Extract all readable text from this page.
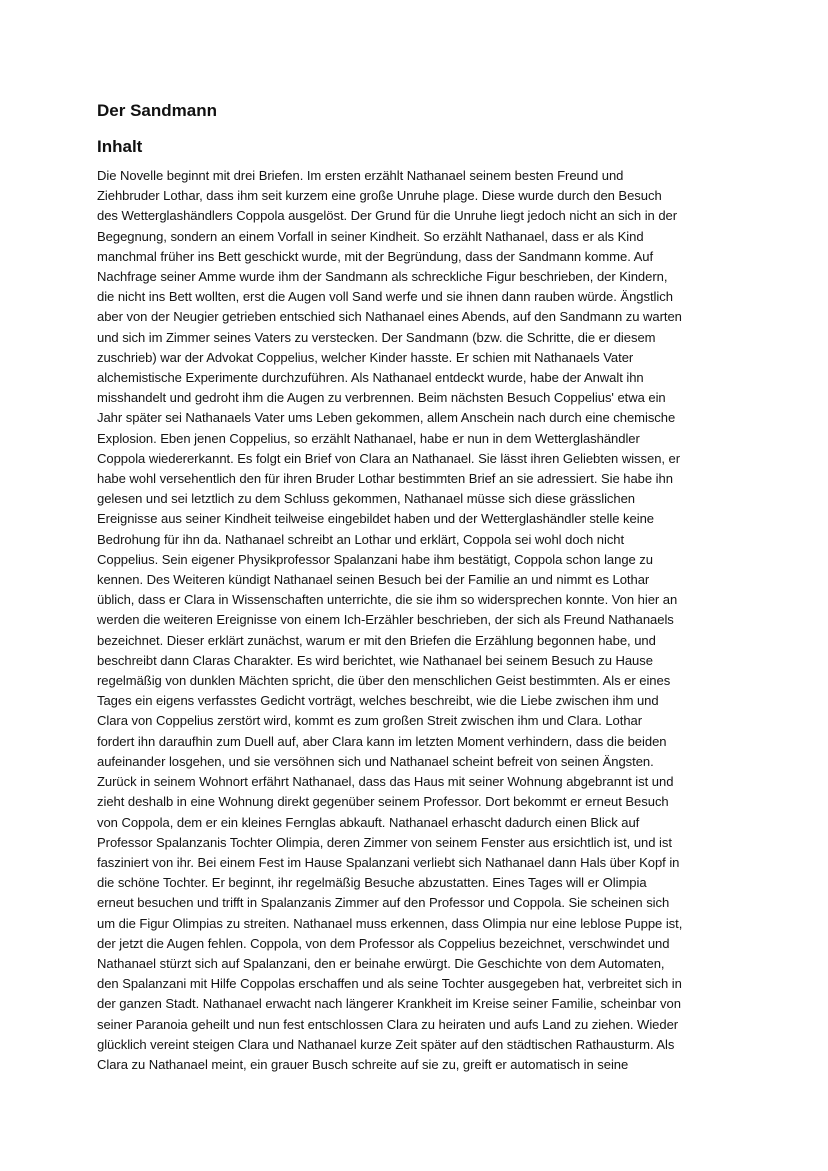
Der Sandmann
Inhalt

Die Novelle beginnt mit drei Briefen. Im ersten erzählt Nathanael seinem besten Freund und
Ziehbruder Lothar, dass ihm seit kurzem eine große Unruhe plage. Diese wurde durch den Besuch
des Wetterglashändlers Coppola ausgelöst. Der Grund für die Unruhe liegt jedoch nicht an sich in der
Begegnung, sondern an einem Vorfall in seiner Kindheit. So erzählt Nathanael, dass er als Kind
manchmal früher ins Bett geschickt wurde, mit der Begründung, dass der Sandmann komme. Auf
Nachfrage seiner Amme wurde ihm der Sandmann als schreckliche Figur beschrieben, der Kindern,
die nicht ins Bett wollten, erst die Augen voll Sand werfe und sie ihnen dann rauben würde. Ängstlich
aber von der Neugier getrieben entschied sich Nathanael eines Abends, auf den Sandmann zu warten
und sich im Zimmer seines Vaters zu verstecken. Der Sandmann (bzw. die Schritte, die er diesem
zuschrieb) war der Advokat Coppelius, welcher Kinder hasste. Er schien mit Nathanaels Vater
alchemistische Experimente durchzuführen. Als Nathanael entdeckt wurde, habe der Anwalt ihn
misshandelt und gedroht ihm die Augen zu verbrennen. Beim nächsten Besuch Coppelius' etwa ein
Jahr später sei Nathanaels Vater ums Leben gekommen, allem Anschein nach durch eine chemische
Explosion. Eben jenen Coppelius, so erzählt Nathanael, habe er nun in dem Wetterglashändler
Coppola wiedererkannt. Es folgt ein Brief von Clara an Nathanael. Sie lässt ihren Geliebten wissen, er
habe wohl versehentlich den für ihren Bruder Lothar bestimmten Brief an sie adressiert. Sie habe ihn
gelesen und sei letztlich zu dem Schluss gekommen, Nathanael müsse sich diese grässlichen
Ereignisse aus seiner Kindheit teilweise eingebildet haben und der Wetterglashändler stelle keine
Bedrohung für ihn da. Nathanael schreibt an Lothar und erklärt, Coppola sei wohl doch nicht
Coppelius. Sein eigener Physikprofessor Spalanzani habe ihm bestätigt, Coppola schon lange zu
kennen. Des Weiteren kündigt Nathanael seinen Besuch bei der Familie an und nimmt es Lothar
üblich, dass er Clara in Wissenschaften unterrichte, die sie ihm so widersprechen konnte. Von hier an
werden die weiteren Ereignisse von einem Ich-Erzähler beschrieben, der sich als Freund Nathanaels
bezeichnet. Dieser erklärt zunächst, warum er mit den Briefen die Erzählung begonnen habe, und
beschreibt dann Claras Charakter. Es wird berichtet, wie Nathanael bei seinem Besuch zu Hause
regelmäßig von dunklen Mächten spricht, die über den menschlichen Geist bestimmten. Als er eines
Tages ein eigens verfasstes Gedicht vorträgt, welches beschreibt, wie die Liebe zwischen ihm und
Clara von Coppelius zerstört wird, kommt es zum großen Streit zwischen ihm und Clara. Lothar
fordert ihn daraufhin zum Duell auf, aber Clara kann im letzten Moment verhindern, dass die beiden
aufeinander losgehen, und sie versöhnen sich und Nathanael scheint befreit von seinen Ängsten.
Zurück in seinem Wohnort erfährt Nathanael, dass das Haus mit seiner Wohnung abgebrannt ist und
zieht deshalb in eine Wohnung direkt gegenüber seinem Professor. Dort bekommt er erneut Besuch
von Coppola, dem er ein kleines Fernglas abkauft. Nathanael erhascht dadurch einen Blick auf
Professor Spalanzanis Tochter Olimpia, deren Zimmer von seinem Fenster aus ersichtlich ist, und ist
fasziniert von ihr. Bei einem Fest im Hause Spalanzani verliebt sich Nathanael dann Hals über Kopf in
die schöne Tochter. Er beginnt, ihr regelmäßig Besuche abzustatten. Eines Tages will er Olimpia
erneut besuchen und trifft in Spalanzanis Zimmer auf den Professor und Coppola. Sie scheinen sich
um die Figur Olimpias zu streiten. Nathanael muss erkennen, dass Olimpia nur eine leblose Puppe ist,
der jetzt die Augen fehlen. Coppola, von dem Professor als Coppelius bezeichnet, verschwindet und
Nathanael stürzt sich auf Spalanzani, den er beinahe erwürgt. Die Geschichte von dem Automaten,
den Spalanzani mit Hilfe Coppolas erschaffen und als seine Tochter ausgegeben hat, verbreitet sich in
der ganzen Stadt. Nathanael erwacht nach längerer Krankheit im Kreise seiner Familie, scheinbar von
seiner Paranoia geheilt und nun fest entschlossen Clara zu heiraten und aufs Land zu ziehen. Wieder
glücklich vereint steigen Clara und Nathanael kurze Zeit später auf den städtischen Rathausturm. Als
Clara zu Nathanael meint, ein grauer Busch schreite auf sie zu, greift er automatisch in seine
